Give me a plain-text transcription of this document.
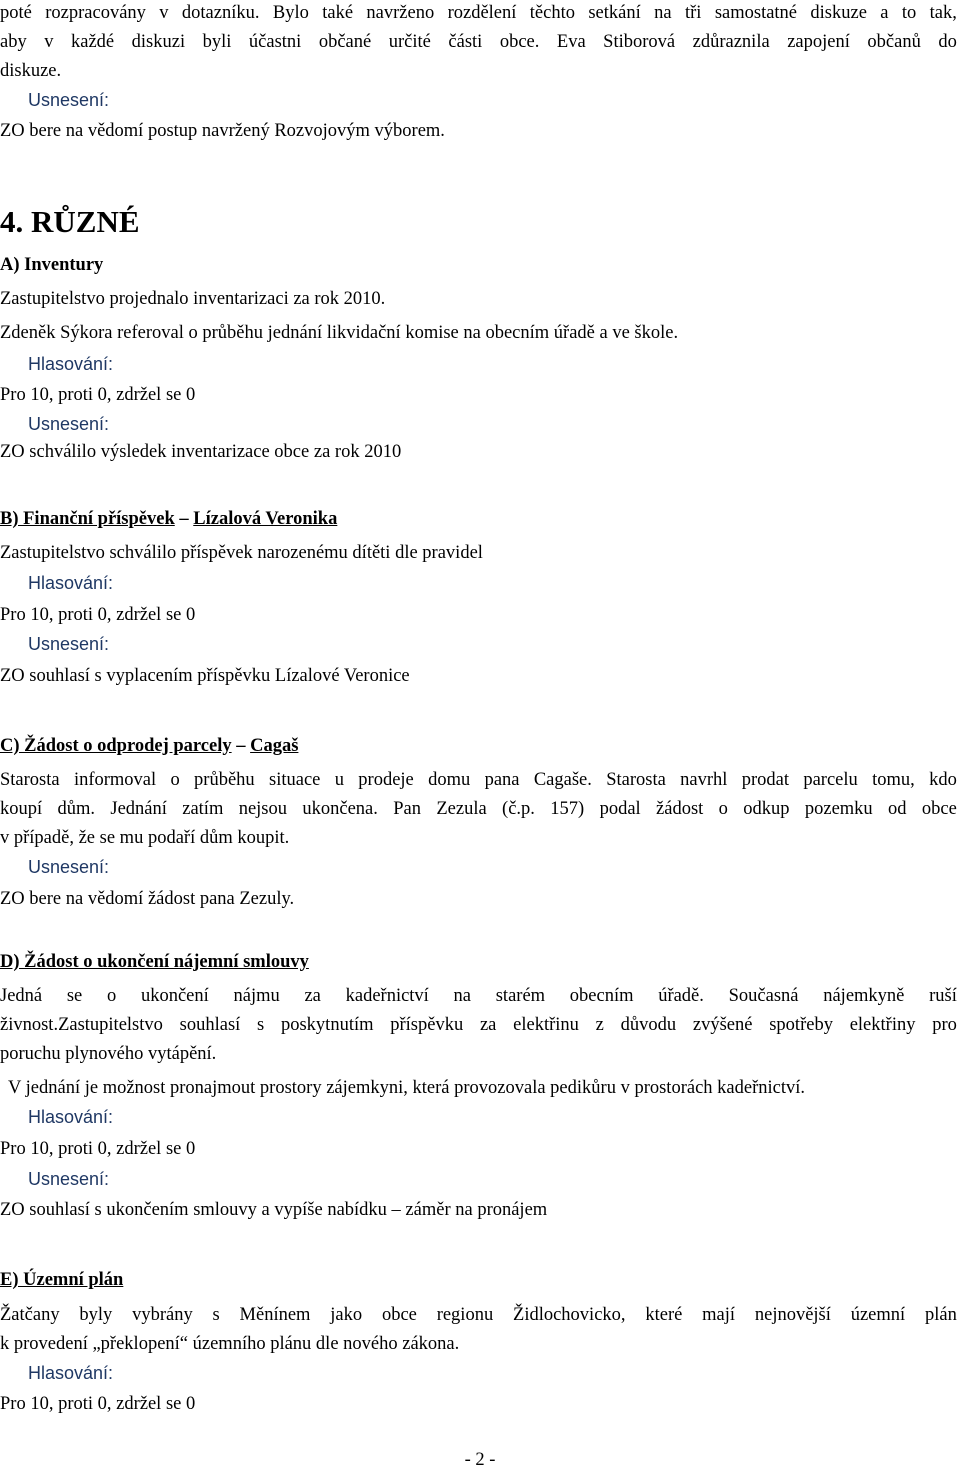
poté rozpracovány v dotazníku. Bylo také navrženo rozdělení těchto setkání na tři samostatné diskuze a to tak,
aby v každé diskuzi byli účastni občané určité části obce. Eva Stiborová zdůraznila zapojení občanů do
diskuze.
Usnesení:
ZO bere na vědomí postup navržený Rozvojovým výborem.
4. RŮZNÉ
A) Inventury
Zastupitelstvo projednalo inventarizaci za rok 2010.
Zdeněk Sýkora referoval o průběhu jednání likvidační komise na obecním úřadě a ve škole.
Hlasování:
Pro 10, proti 0, zdržel se 0
Usnesení:
ZO schválilo výsledek inventarizace obce za rok 2010
B) Finanční příspěvek – Lízalová Veronika
Zastupitelstvo schválilo příspěvek narozenému dítěti dle pravidel
Hlasování:
Pro 10, proti 0, zdržel se 0
Usnesení:
ZO souhlasí s vyplacením příspěvku Lízalové Veronice
C) Žádost o odprodej parcely – Cagaš
Starosta informoval o průběhu situace u prodeje domu pana Cagaše. Starosta navrhl prodat parcelu tomu, kdo
koupí dům. Jednání zatím nejsou ukončena. Pan Zezula (č.p. 157) podal žádost o odkup pozemku od obce
v případě, že se mu podaří dům koupit.
Usnesení:
ZO bere na vědomí žádost pana Zezuly.
D) Žádost o ukončení nájemní smlouvy
Jedná se o ukončení nájmu za kadeřnictví na starém obecním úřadě. Současná nájemkyně ruší
živnost.Zastupitelstvo souhlasí s poskytnutím příspěvku za elektřinu z důvodu zvýšené spotřeby elektřiny pro
poruchu plynového vytápění.
V jednání je možnost pronajmout prostory zájemkyni, která provozovala pedikůru v prostorách kadeřnictví.
Hlasování:
Pro 10, proti 0, zdržel se 0
Usnesení:
ZO souhlasí s ukončením smlouvy a vypíše nabídku – záměr na pronájem
E) Územní plán
Žatčany byly vybrány s Měnínem jako obce regionu Židlochovicko, které mají nejnovější územní plán
k provedení „překlopení“ územního plánu dle nového zákona.
Hlasování:
Pro 10, proti 0, zdržel se 0
- 2 -
